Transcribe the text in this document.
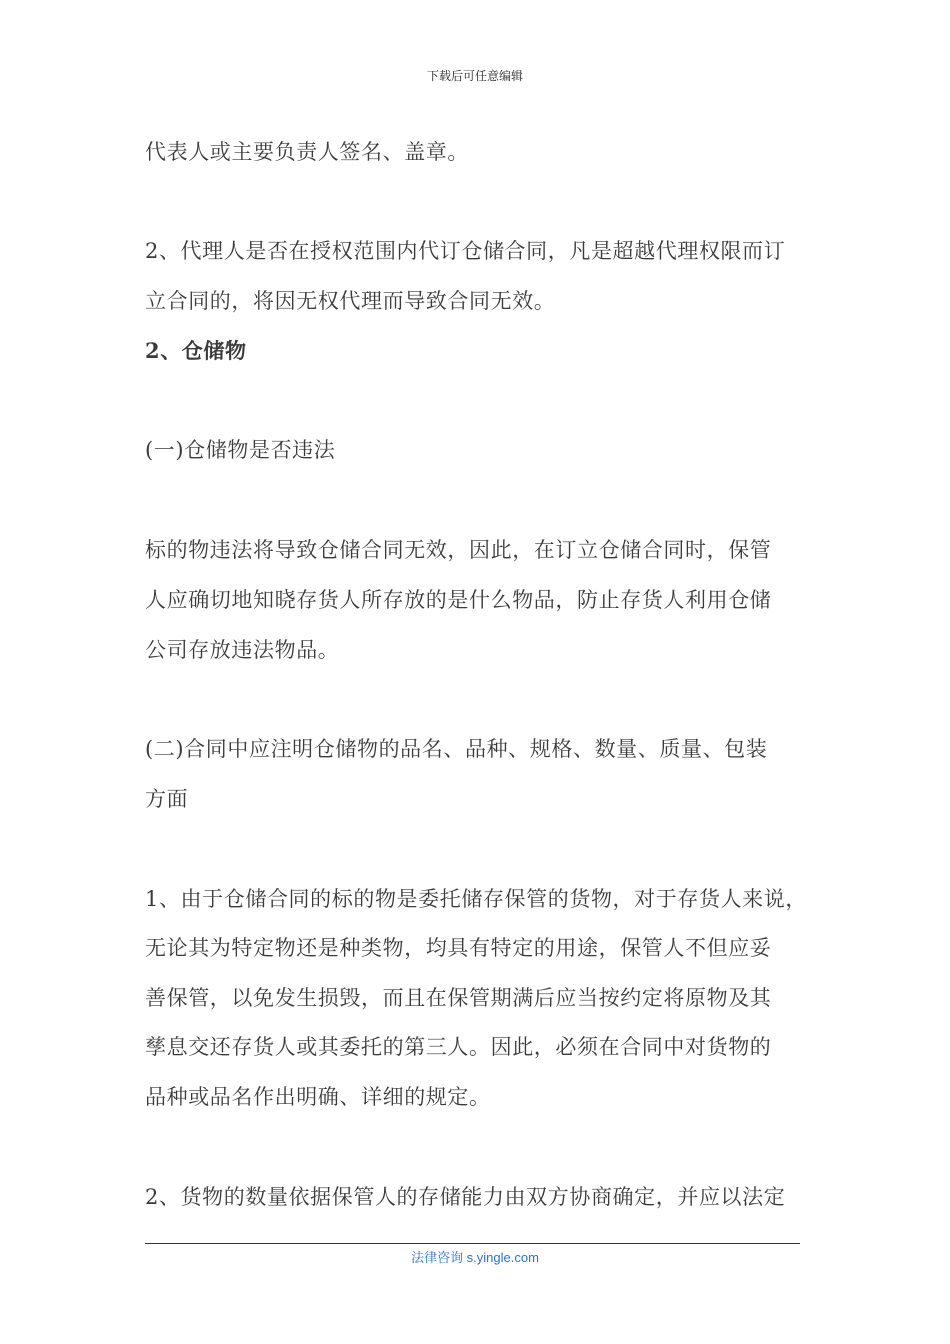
下载后可任意编辑
代表人或主要负责人签名、盖章。
2、代理人是否在授权范围内代订仓储合同，凡是超越代理权限而订
立合同的，将因无权代理而导致合同无效。
2、仓储物
(一)仓储物是否违法
标的物违法将导致仓储合同无效，因此，在订立仓储合同时，保管
人应确切地知晓存货人所存放的是什么物品，防止存货人利用仓储
公司存放违法物品。
(二)合同中应注明仓储物的品名、品种、规格、数量、质量、包装
方面
1、由于仓储合同的标的物是委托储存保管的货物，对于存货人来说，
无论其为特定物还是种类物，均具有特定的用途，保管人不但应妥
善保管，以免发生损毁，而且在保管期满后应当按约定将原物及其
孳息交还存货人或其委托的第三人。因此，必须在合同中对货物的
品种或品名作出明确、详细的规定。
2、货物的数量依据保管人的存储能力由双方协商确定，并应以法定
法律咨询 s.yingle.com
